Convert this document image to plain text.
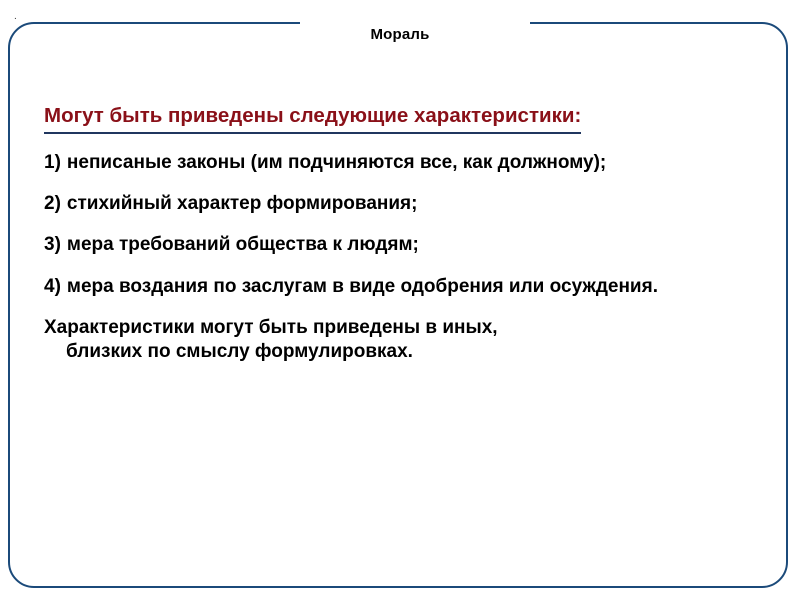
.
Мораль
Могут быть приведены следующие характеристики:
1) неписаные законы (им подчиняются все, как должному);
2) стихийный характер формирования;
3) мера требований общества к людям;
4) мера воздания по заслугам в виде одобрения или осуждения.
Характеристики могут быть приведены в иных,
близких по смыслу формулировках.
